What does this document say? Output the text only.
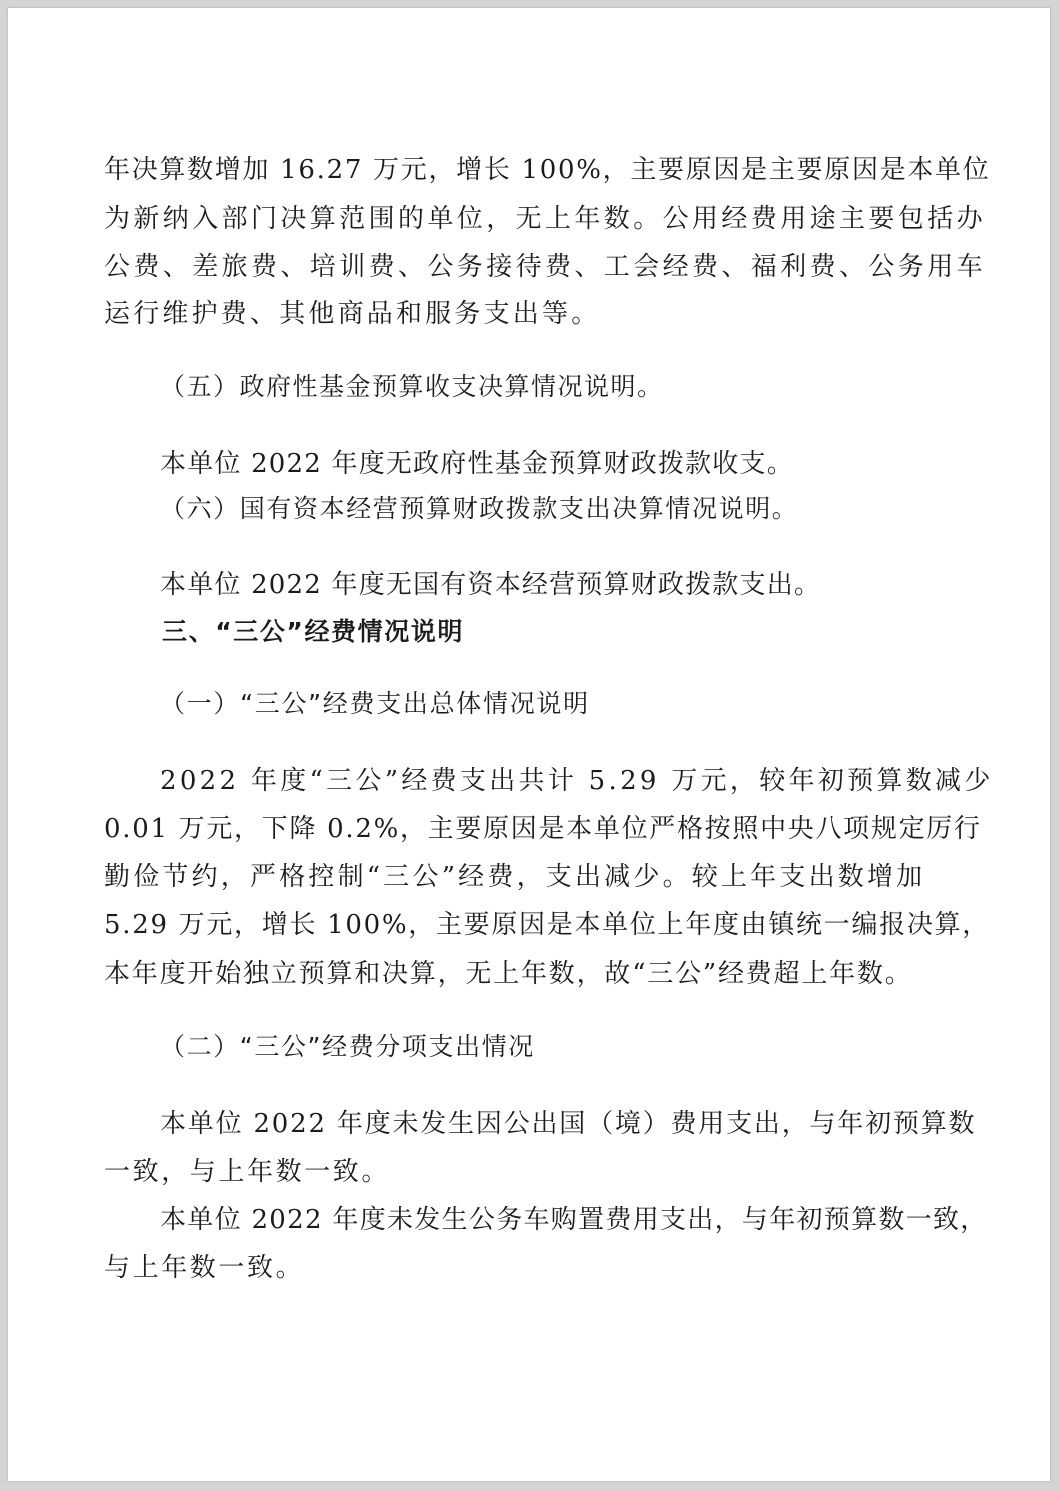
年决算数增加 16.27 万元，增长 100%，主要原因是主要原因是本单位
为新纳入部门决算范围的单位，无上年数。公用经费用途主要包括办
公费、差旅费、培训费、公务接待费、工会经费、福利费、公务用车
运行维护费、其他商品和服务支出等。
（五）政府性基金预算收支决算情况说明。
本单位 2022 年度无政府性基金预算财政拨款收支。
（六）国有资本经营预算财政拨款支出决算情况说明。
本单位 2022 年度无国有资本经营预算财政拨款支出。
三、“三公”经费情况说明
（一）“三公”经费支出总体情况说明
2022 年度“三公”经费支出共计 5.29 万元，较年初预算数减少
0.01 万元，下降 0.2%，主要原因是本单位严格按照中央八项规定厉行
勤俭节约，严格控制“三公”经费，支出减少。较上年支出数增加
5.29 万元，增长 100%，主要原因是本单位上年度由镇统一编报决算，
本年度开始独立预算和决算，无上年数，故“三公”经费超上年数。
（二）“三公”经费分项支出情况
本单位 2022 年度未发生因公出国（境）费用支出，与年初预算数
一致，与上年数一致。
本单位 2022 年度未发生公务车购置费用支出，与年初预算数一致，
与上年数一致。
